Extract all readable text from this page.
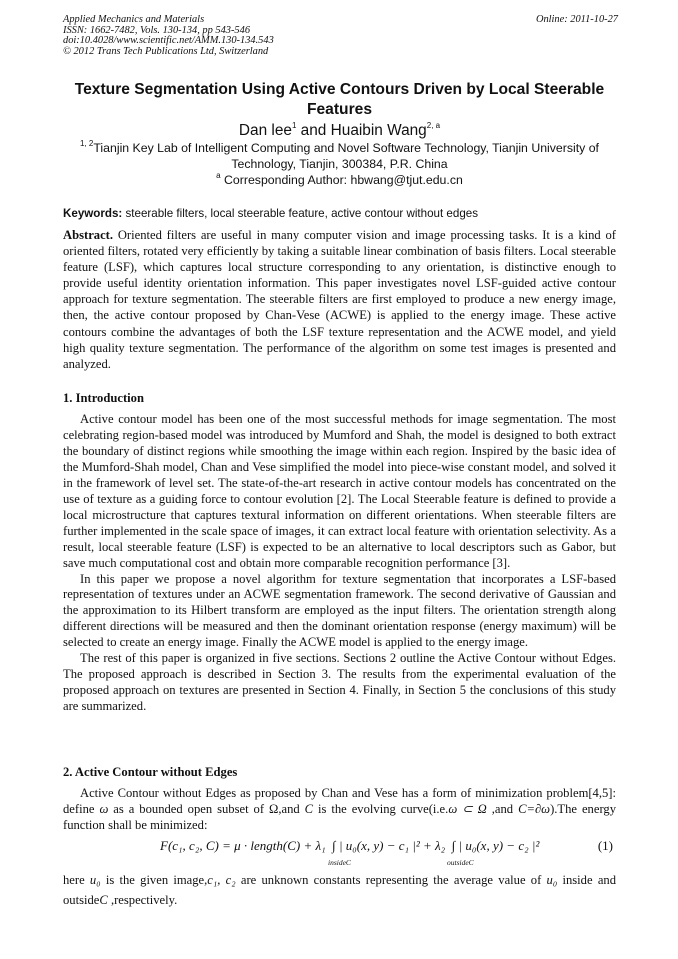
Applied Mechanics and Materials
ISSN: 1662-7482, Vols. 130-134, pp 543-546
doi:10.4028/www.scientific.net/AMM.130-134.543
© 2012 Trans Tech Publications Ltd, Switzerland
Online: 2011-10-27
Texture Segmentation Using Active Contours Driven by Local Steerable Features
Dan lee$^1$ and Huaibin Wang$^{2, a}$
$^{1, 2}$Tianjin Key Lab of Intelligent Computing and Novel Software Technology, Tianjin University of Technology, Tianjin, 300384, P.R. China
$^a$ Corresponding Author: hbwang@tjut.edu.cn
Keywords: steerable filters, local steerable feature, active contour without edges
Abstract. Oriented filters are useful in many computer vision and image processing tasks. It is a kind of oriented filters, rotated very efficiently by taking a suitable linear combination of basis filters. Local steerable feature (LSF), which captures local structure corresponding to any orientation, is distinctive enough to provide useful identity orientation information. This paper investigates novel LSF-guided active contour approach for texture segmentation. The steerable filters are first employed to produce a new energy image, then, the active contour proposed by Chan-Vese (ACWE) is applied to the energy image. These active contours combine the advantages of both the LSF texture representation and the ACWE model, and yield high quality texture segmentation. The performance of the algorithm on some test images is presented and analyzed.
1. Introduction

Active contour model has been one of the most successful methods for image segmentation. The most celebrating region-based model was introduced by Mumford and Shah, the model is designed to both extract the boundary of distinct regions while smoothing the image within each region. Inspired by the basic idea of the Mumford-Shah model, Chan and Vese simplified the model into piece-wise constant model, and solved it in the framework of level set. The state-of-the-art research in active contour models has concentrated on the use of texture as a guiding force to contour evolution [2]. The Local Steerable feature is defined to provide a local microstructure that captures textural information on different orientations. When steerable filters are further implemented in the scale space of images, it can extract local feature with orientation selectivity. As a result, local steerable feature (LSF) is expected to be an alternative to local descriptors such as Gabor, but save much computational cost and obtain more comparable recognition performance [3].

In this paper we propose a novel algorithm for texture segmentation that incorporates a LSF-based representation of textures under an ACWE segmentation framework. The second derivative of Gaussian and the approximation to its Hilbert transform are employed as the input filters. The orientation strength along different directions will be measured and then the dominant orientation response (energy maximum) will be selected to create an energy image. Finally the ACWE model is applied to the energy image.

The rest of this paper is organized in five sections. Sections 2 outline the Active Contour without Edges. The proposed approach is described in Section 3. The results from the experimental evaluation of the proposed approach on textures are presented in Section 4. Finally, in Section 5 the conclusions of this study are summarized.

2. Active Contour without Edges

Active Contour without Edges as proposed by Chan and Vese has a form of minimization problem[4,5]: define ω as a bounded open subset of Ω,and C is the evolving curve(i.e.ω ⊂ Ω ,and C=∂ω).The energy function shall be minimized:

F(c₁, c₂, C) = μ · length(C) + λ₁  ∫ | u₀(x, y) − c₁ |² + λ₂  ∫ | u₀(x, y) − c₂ |²
insideC	outsideC
(1)
here u₀ is the given image,c₁, c₂ are unknown constants representing the average value of u₀ inside and outsideC ,respectively.
